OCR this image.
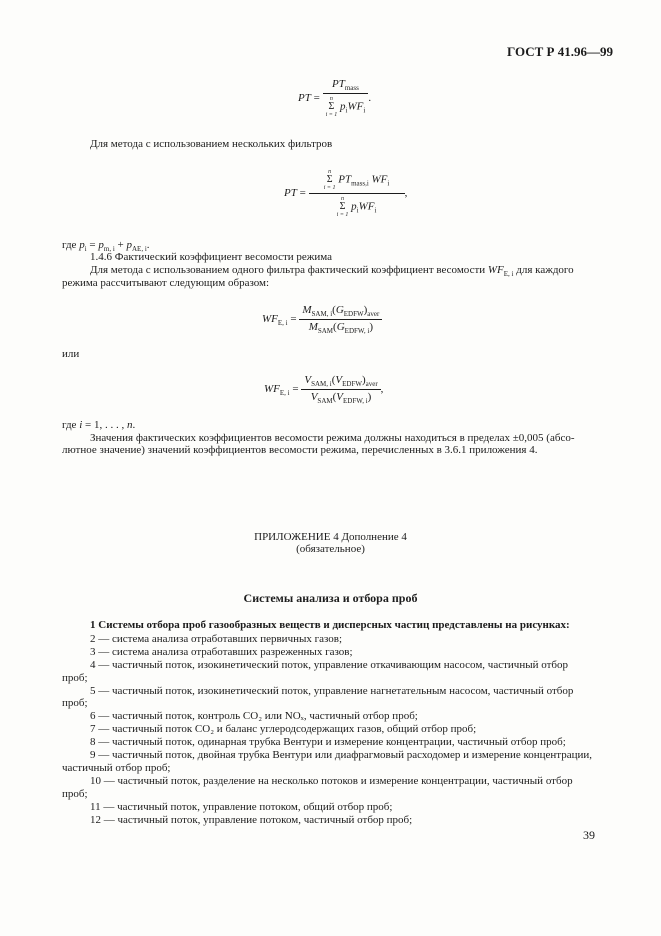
ГОСТ Р 41.96—99
PT = $PT_{mass}$
n
Σ
i = 1
$p_iWF_i$ .
Для метода с использованием нескольких фильтров
PT = n
Σ
i = 1
$PT_{mass,i}$ $WF_i$
n
Σ
i = 1
$p_iWF_i$ ,
где $p_i = p_{m, i} + p_{AE, i}$.
1.4.6 Фактический коэффициент весомости режима
Для метода с использованием одного фильтра фактический коэффициент весомости $WF_{E, i}$ для каждого
режима рассчитывают следующим образом:
$WF_{E, i} = \frac{M_{SAM, i}(G_{EDFW})_{aver}}{M_{SAM}(G_{EDFW, i})}$
или
$WF_{E, i} = \frac{V_{SAM, i}(V_{EDFW})_{aver}}{V_{SAM}(V_{EDFW, i})}$ ,
где i = 1, . . . , n.
Значения фактических коэффициентов весомости режима должны находиться в пределах ±0,005 (абсо-
лютное значение) значений коэффициентов весомости режима, перечисленных в 3.6.1 приложения 4.
ПРИЛОЖЕНИЕ 4 Дополнение 4
(обязательное)
Системы анализа и отбора проб
1 Системы отбора проб газообразных веществ и дисперсных частиц представлены на рисунках:
2 — система анализа отработавших первичных газов;
3 — система анализа отработавших разреженных газов;
4 — частичный поток, изокинетический поток, управление откачивающим насосом, частичный отбор
проб;
5 — частичный поток, изокинетический поток, управление нагнетательным насосом, частичный отбор
проб;
6 — частичный поток, контроль CO₂ или NOₓ, частичный отбор проб;
7 — частичный поток CO₂ и баланс углеродсодержащих газов, общий отбор проб;
8 — частичный поток, одинарная трубка Вентури и измерение концентрации, частичный отбор проб;
9 — частичный поток, двойная трубка Вентури или диафрагмовый расходомер и измерение концентрации,
частичный отбор проб;
10 — частичный поток, разделение на несколько потоков и измерение концентрации, частичный отбор
проб;
11 — частичный поток, управление потоком, общий отбор проб;
12 — частичный поток, управление потоком, частичный отбор проб;
39
